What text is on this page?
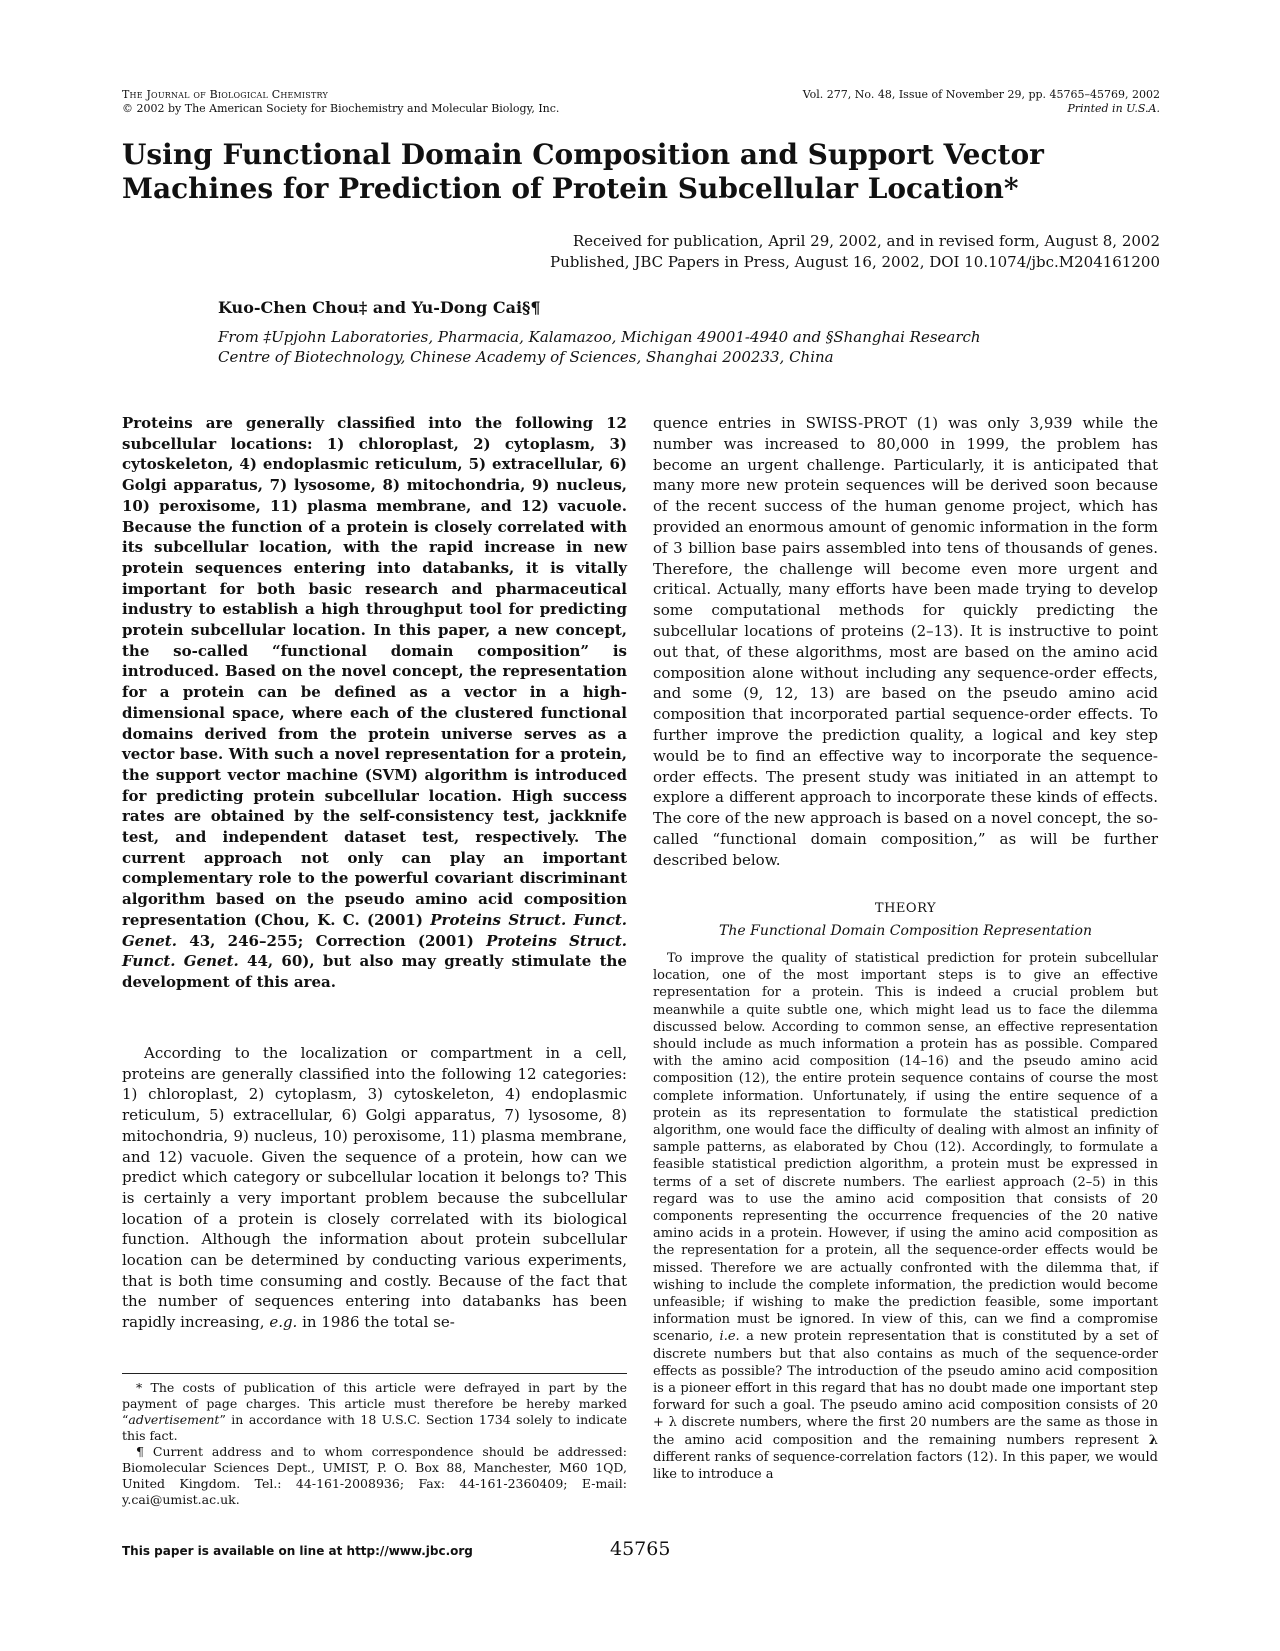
The Journal of Biological Chemistry
© 2002 by The American Society for Biochemistry and Molecular Biology, Inc.
Vol. 277, No. 48, Issue of November 29, pp. 45765–45769, 2002
Printed in U.S.A.
Using Functional Domain Composition and Support Vector
Machines for Prediction of Protein Subcellular Location*
Received for publication, April 29, 2002, and in revised form, August 8, 2002
Published, JBC Papers in Press, August 16, 2002, DOI 10.1074/jbc.M204161200
Kuo-Chen Chou‡ and Yu-Dong Cai§¶
From ‡Upjohn Laboratories, Pharmacia, Kalamazoo, Michigan 49001-4940 and §Shanghai Research
Centre of Biotechnology, Chinese Academy of Sciences, Shanghai 200233, China
Proteins are generally classified into the following 12 subcellular locations: 1) chloroplast, 2) cytoplasm, 3) cytoskeleton, 4) endoplasmic reticulum, 5) extracellular, 6) Golgi apparatus, 7) lysosome, 8) mitochondria, 9) nucleus, 10) peroxisome, 11) plasma membrane, and 12) vacuole. Because the function of a protein is closely correlated with its subcellular location, with the rapid increase in new protein sequences entering into databanks, it is vitally important for both basic research and pharmaceutical industry to establish a high throughput tool for predicting protein subcellular location. In this paper, a new concept, the so-called “functional domain composition” is introduced. Based on the novel concept, the representation for a protein can be defined as a vector in a high-dimensional space, where each of the clustered functional domains derived from the protein universe serves as a vector base. With such a novel representation for a protein, the support vector machine (SVM) algorithm is introduced for predicting protein subcellular location. High success rates are obtained by the self-consistency test, jackknife test, and independent dataset test, respectively. The current approach not only can play an important complementary role to the powerful covariant discriminant algorithm based on the pseudo amino acid composition representation (Chou, K. C. (2001) Proteins Struct. Funct. Genet. 43, 246–255; Correction (2001) Proteins Struct. Funct. Genet. 44, 60), but also may greatly stimulate the development of this area.
According to the localization or compartment in a cell, proteins are generally classified into the following 12 categories: 1) chloroplast, 2) cytoplasm, 3) cytoskeleton, 4) endoplasmic reticulum, 5) extracellular, 6) Golgi apparatus, 7) lysosome, 8) mitochondria, 9) nucleus, 10) peroxisome, 11) plasma membrane, and 12) vacuole. Given the sequence of a protein, how can we predict which category or subcellular location it belongs to? This is certainly a very important problem because the subcellular location of a protein is closely correlated with its biological function. Although the information about protein subcellular location can be determined by conducting various experiments, that is both time consuming and costly. Because of the fact that the number of sequences entering into databanks has been rapidly increasing, e.g. in 1986 the total se-

* The costs of publication of this article were defrayed in part by the payment of page charges. This article must therefore be hereby marked “advertisement” in accordance with 18 U.S.C. Section 1734 solely to indicate this fact.

¶ Current address and to whom correspondence should be addressed: Biomolecular Sciences Dept., UMIST, P. O. Box 88, Manchester, M60 1QD, United Kingdom. Tel.: 44-161-2008936; Fax: 44-161-2360409; E-mail: y.cai@umist.ac.uk.

quence entries in SWISS-PROT (1) was only 3,939 while the number was increased to 80,000 in 1999, the problem has become an urgent challenge. Particularly, it is anticipated that many more new protein sequences will be derived soon because of the recent success of the human genome project, which has provided an enormous amount of genomic information in the form of 3 billion base pairs assembled into tens of thousands of genes. Therefore, the challenge will become even more urgent and critical. Actually, many efforts have been made trying to develop some computational methods for quickly predicting the subcellular locations of proteins (2–13). It is instructive to point out that, of these algorithms, most are based on the amino acid composition alone without including any sequence-order effects, and some (9, 12, 13) are based on the pseudo amino acid composition that incorporated partial sequence-order effects. To further improve the prediction quality, a logical and key step would be to find an effective way to incorporate the sequence-order effects. The present study was initiated in an attempt to explore a different approach to incorporate these kinds of effects. The core of the new approach is based on a novel concept, the so-called “functional domain composition,” as will be further described below.
THEORY
The Functional Domain Composition Representation
To improve the quality of statistical prediction for protein subcellular location, one of the most important steps is to give an effective representation for a protein. This is indeed a crucial problem but meanwhile a quite subtle one, which might lead us to face the dilemma discussed below. According to common sense, an effective representation should include as much information a protein has as possible. Compared with the amino acid composition (14–16) and the pseudo amino acid composition (12), the entire protein sequence contains of course the most complete information. Unfortunately, if using the entire sequence of a protein as its representation to formulate the statistical prediction algorithm, one would face the difficulty of dealing with almost an infinity of sample patterns, as elaborated by Chou (12). Accordingly, to formulate a feasible statistical prediction algorithm, a protein must be expressed in terms of a set of discrete numbers. The earliest approach (2–5) in this regard was to use the amino acid composition that consists of 20 components representing the occurrence frequencies of the 20 native amino acids in a protein. However, if using the amino acid composition as the representation for a protein, all the sequence-order effects would be missed. Therefore we are actually confronted with the dilemma that, if wishing to include the complete information, the prediction would become unfeasible; if wishing to make the prediction feasible, some important information must be ignored. In view of this, can we find a compromise scenario, i.e. a new protein representation that is constituted by a set of discrete numbers but that also contains as much of the sequence-order effects as possible? The introduction of the pseudo amino acid composition is a pioneer effort in this regard that has no doubt made one important step forward for such a goal. The pseudo amino acid composition consists of 20 + λ discrete numbers, where the first 20 numbers are the same as those in the amino acid composition and the remaining numbers represent λ different ranks of sequence-correlation factors (12). In this paper, we would like to introduce a
This paper is available on line at http://www.jbc.org	45765
